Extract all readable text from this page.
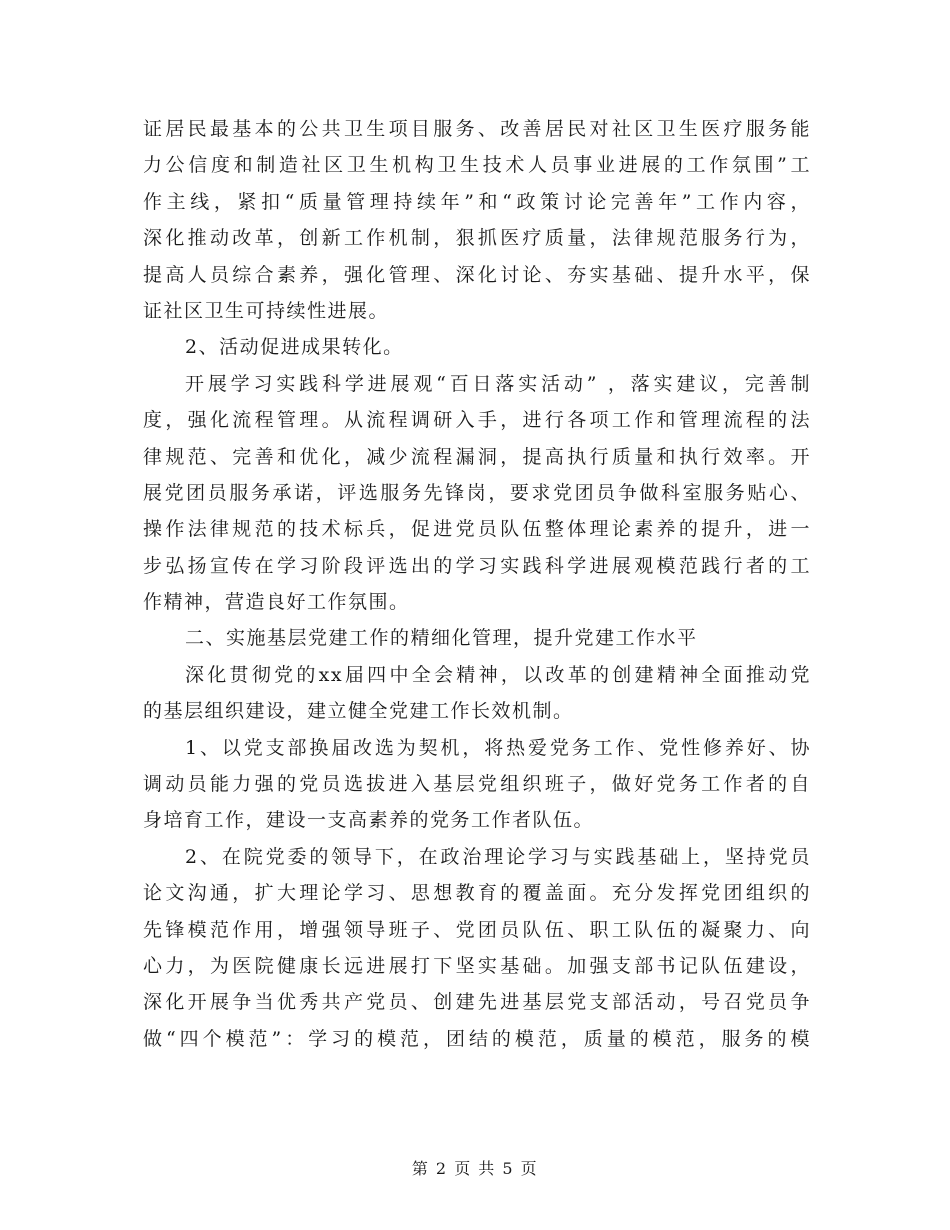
证居民最基本的公共卫生项目服务、改善居民对社区卫生医疗服务能
力公信度和制造社区卫生机构卫生技术人员事业进展的工作氛围”工
作主线，紧扣“质量管理持续年”和“政策讨论完善年”工作内容，
深化推动改革，创新工作机制，狠抓医疗质量，法律规范服务行为，
提高人员综合素养，强化管理、深化讨论、夯实基础、提升水平，保
证社区卫生可持续性进展。
2、活动促进成果转化。
开展学习实践科学进展观“百日落实活动” ，落实建议，完善制
度，强化流程管理。从流程调研入手，进行各项工作和管理流程的法
律规范、完善和优化，减少流程漏洞，提高执行质量和执行效率。开
展党团员服务承诺，评选服务先锋岗，要求党团员争做科室服务贴心、
操作法律规范的技术标兵，促进党员队伍整体理论素养的提升，进一
步弘扬宣传在学习阶段评选出的学习实践科学进展观模范践行者的工
作精神，营造良好工作氛围。
二、实施基层党建工作的精细化管理，提升党建工作水平
深化贯彻党的xx届四中全会精神，以改革的创建精神全面推动党
的基层组织建设，建立健全党建工作长效机制。
1、以党支部换届改选为契机，将热爱党务工作、党性修养好、协
调动员能力强的党员选拔进入基层党组织班子，做好党务工作者的自
身培育工作，建设一支高素养的党务工作者队伍。
2、在院党委的领导下，在政治理论学习与实践基础上，坚持党员
论文沟通，扩大理论学习、思想教育的覆盖面。充分发挥党团组织的
先锋模范作用，增强领导班子、党团员队伍、职工队伍的凝聚力、向
心力，为医院健康长远进展打下坚实基础。加强支部书记队伍建设，
深化开展争当优秀共产党员、创建先进基层党支部活动，号召党员争
做“四个模范”：学习的模范，团结的模范，质量的模范，服务的模
第 2 页 共 5 页
